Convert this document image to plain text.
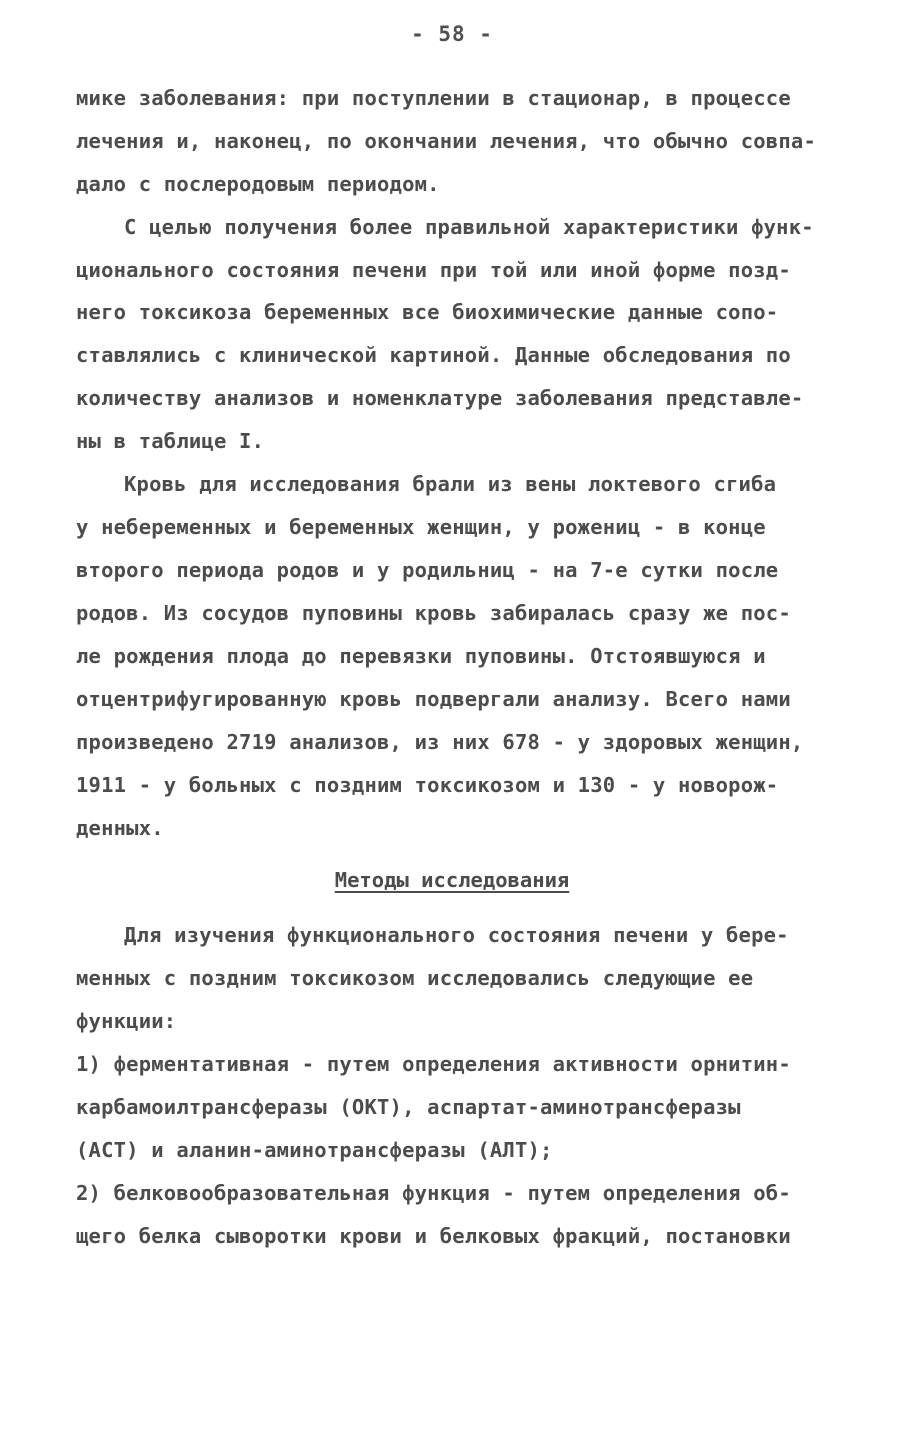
- 58 -
мике заболевания: при поступлении в стационар, в процессе
лечения и, наконец, по окончании лечения, что обычно совпа-
дало с послеродовым периодом.
С целью получения более правильной характеристики функ-
ционального состояния печени при той или иной форме позд-
него токсикоза беременных все биохимические данные сопо-
ставлялись с клинической картиной. Данные обследования по
количеству анализов и номенклатуре заболевания представле-
ны в таблице I.
Кровь для исследования брали из вены локтевого сгиба
у небеременных и беременных женщин, у рожениц - в конце
второго периода родов и у родильниц - на 7-е сутки после
родов. Из сосудов пуповины кровь забиралась сразу же пос-
ле рождения плода до перевязки пуповины. Отстоявшуюся и
отцентрифугированную кровь подвергали анализу. Всего нами
произведено 2719 анализов, из них 678 - у здоровых женщин,
1911 - у больных с поздним токсикозом и 130 - у новорож-
денных.
Методы исследования
Для изучения функционального состояния печени у бере-
менных с поздним токсикозом исследовались следующие ее
функции:
1) ферментативная - путем определения активности орнитин-
карбамоилтрансферазы (ОКТ), аспартат-аминотрансферазы
(АСТ) и аланин-аминотрансферазы (АЛТ);
2) белковообразовательная функция - путем определения об-
щего белка сыворотки крови и белковых фракций, постановки
